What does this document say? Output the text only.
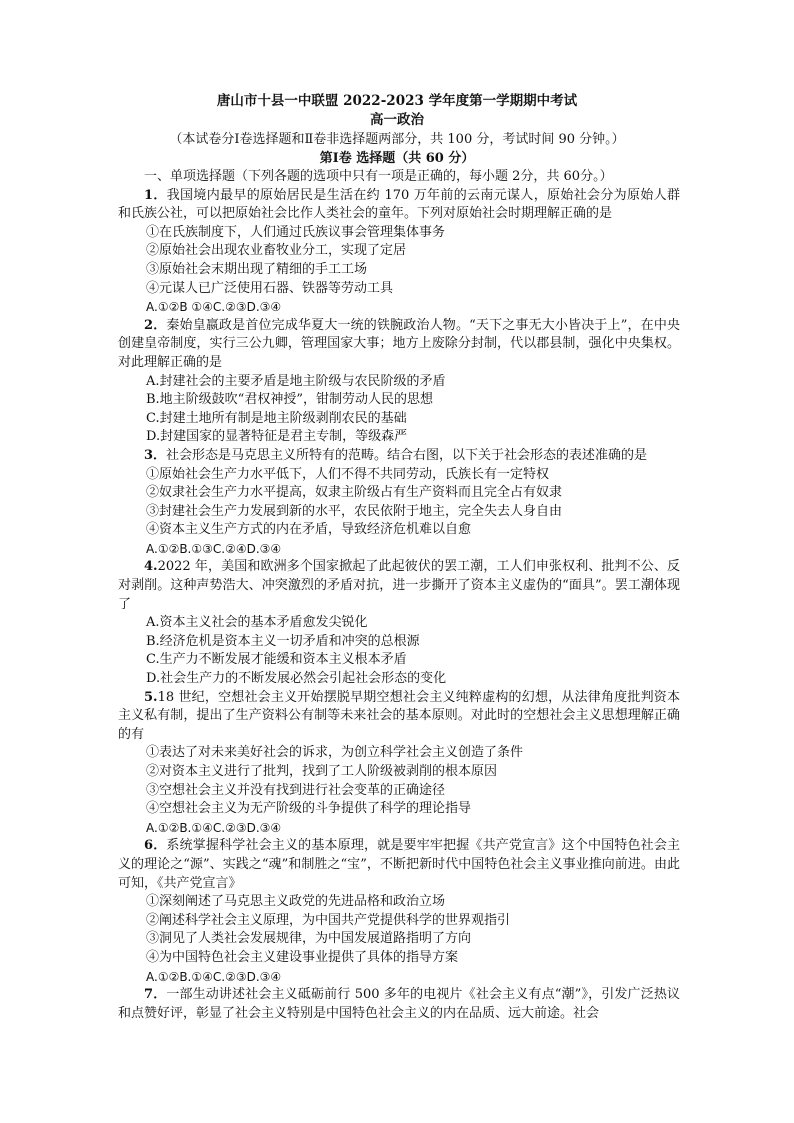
唐山市十县一中联盟 2022-2023 学年度第一学期期中考试
高一政治
（本试卷分Ⅰ卷选择题和Ⅱ卷非选择题两部分，共 100 分，考试时间 90 分钟。）
第Ⅰ卷 选择题（共 60 分）
一、单项选择题（下列各题的选项中只有一项是正确的，每小题 2分，共 60分。）
1．我国境内最早的原始居民是生活在约 170 万年前的云南元谋人，原始社会分为原始人群和氏族公社，可以把原始社会比作人类社会的童年。下列对原始社会时期理解正确的是
①在氏族制度下，人们通过氏族议事会管理集体事务
②原始社会出现农业畜牧业分工，实现了定居
③原始社会末期出现了精细的手工工场
④元谋人已广泛使用石器、铁器等劳动工具
A.①②B ①④C.②③D.③④
2．秦始皇嬴政是首位完成华夏大一统的铁腕政治人物。“天下之事无大小皆决于上”，在中央创建皇帝制度，实行三公九卿，管理国家大事；地方上废除分封制，代以郡县制，强化中央集权。对此理解正确的是
A.封建社会的主要矛盾是地主阶级与农民阶级的矛盾
B.地主阶级鼓吹“君权神授”，钳制劳动人民的思想
C.封建土地所有制是地主阶级剥削农民的基础
D.封建国家的显著特征是君主专制，等级森严
3．社会形态是马克思主义所特有的范畴。结合右图，以下关于社会形态的表述准确的是
①原始社会生产力水平低下，人们不得不共同劳动，氏族长有一定特权
②奴隶社会生产力水平提高，奴隶主阶级占有生产资料而且完全占有奴隶
③封建社会生产力发展到新的水平，农民依附于地主，完全失去人身自由
④资本主义生产方式的内在矛盾，导致经济危机难以自愈
A.①②B.①③C.②④D.③④
4.2022 年，美国和欧洲多个国家掀起了此起彼伏的罢工潮，工人们申张权利、批判不公、反对剥削。这种声势浩大、冲突激烈的矛盾对抗，进一步撕开了资本主义虚伪的“面具”。罢工潮体现了
A.资本主义社会的基本矛盾愈发尖锐化
B.经济危机是资本主义一切矛盾和冲突的总根源
C.生产力不断发展才能缓和资本主义根本矛盾
D.社会生产力的不断发展必然会引起社会形态的变化
5.18 世纪，空想社会主义开始摆脱早期空想社会主义纯粹虚构的幻想，从法律角度批判资本主义私有制，提出了生产资料公有制等未来社会的基本原则。对此时的空想社会主义思想理解正确的有
①表达了对未来美好社会的诉求，为创立科学社会主义创造了条件
②对资本主义进行了批判，找到了工人阶级被剥削的根本原因
③空想社会主义并没有找到进行社会变革的正确途径
④空想社会主义为无产阶级的斗争提供了科学的理论指导
A.①②B.①④C.②③D.③④
6．系统掌握科学社会主义的基本原理，就是要牢牢把握《共产党宣言》这个中国特色社会主义的理论之“源”、实践之“魂”和制胜之“宝”，不断把新时代中国特色社会主义事业推向前进。由此可知，《共产党宣言》
①深刻阐述了马克思主义政党的先进品格和政治立场
②阐述科学社会主义原理，为中国共产党提供科学的世界观指引
③洞见了人类社会发展规律，为中国发展道路指明了方向
④为中国特色社会主义建设事业提供了具体的指导方案
A.①②B.①④C.②③D.③④
7．一部生动讲述社会主义砥砺前行 500 多年的电视片《社会主义有点“潮”》，引发广泛热议和点赞好评，彰显了社会主义特别是中国特色社会主义的内在品质、远大前途。社会
